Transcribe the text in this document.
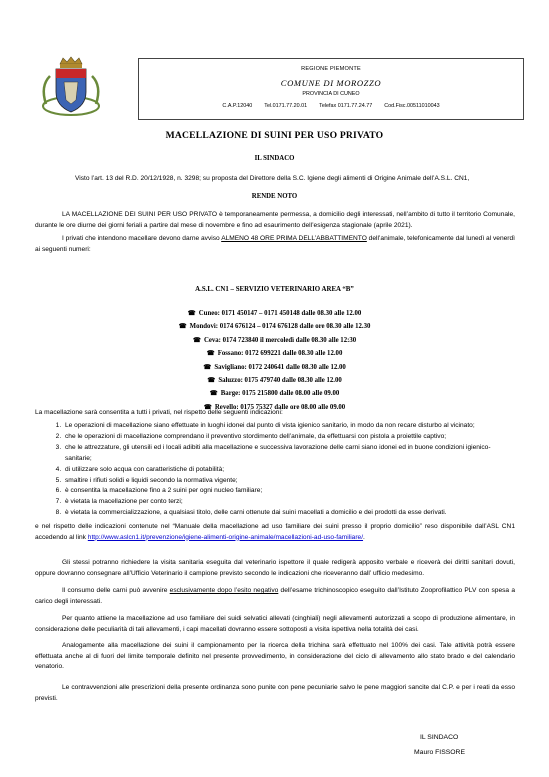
REGIONE PIEMONTE
COMUNE DI MOROZZO
PROVINCIA DI CUNEO
C.A.P.12040 Tel.0171.77.20.01 Telefax 0171.77.24.77 Cod.Fisc.00511010043
MACELLAZIONE DI SUINI PER USO PRIVATO
IL SINDACO
Visto l’art. 13 del R.D. 20/12/1928, n. 3298; su proposta del Direttore della S.C. Igiene degli alimenti di Origine Animale dell’A.S.L. CN1,
RENDE NOTO
LA MACELLAZIONE DEI SUINI PER USO PRIVATO è temporaneamente permessa, a domicilio degli interessati, nell’ambito di tutto il territorio Comunale, durante le ore diurne dei giorni feriali a partire dal mese di novembre e fino ad esaurimento dell’esigenza stagionale (aprile 2021).
I privati che intendono macellare devono darne avviso ALMENO 48 ORE PRIMA DELL’ABBATTIMENTO dell’animale, telefonicamente dal lunedì al venerdì ai seguenti numeri:
A.S.L. CN1 – SERVIZIO VETERINARIO AREA “B”
☎ Cuneo: 0171 450147 – 0171 450148 dalle 08.30 alle 12.00
☎ Mondovì: 0174 676124 – 0174 676128 dalle ore 08.30 alle 12.30
☎ Ceva: 0174 723840 il mercoledì dalle 08.30 alle 12:30
☎ Fossano: 0172 699221 dalle 08.30 alle 12.00
☎ Savigliano: 0172 240641 dalle 08.30 alle 12.00
☎ Saluzzo: 0175 479740 dalle 08.30 alle 12.00
☎ Barge: 0175 215800 dalle 08.00 alle 09.00
☎ Revello: 0175 75327 dalle ore 08.00 alle 09.00
La macellazione sarà consentita a tutti i privati, nel rispetto delle seguenti indicazioni:
1. Le operazioni di macellazione siano effettuate in luoghi idonei dal punto di vista igienico sanitario, in modo da non recare disturbo al vicinato;
2. che le operazioni di macellazione comprendano il preventivo stordimento dell’animale, da effettuarsi con pistola a proiettile captivo;
3. che le attrezzature, gli utensili ed i locali adibiti alla macellazione e successiva lavorazione delle carni siano idonei ed in buone condizioni igienico-sanitarie;
4. di utilizzare solo acqua con caratteristiche di potabilità;
5. smaltire i rifiuti solidi e liquidi secondo la normativa vigente;
6. è consentita la macellazione fino a 2 suini per ogni nucleo familiare;
7. è vietata la macellazione per conto terzi;
8. è vietata la commercializzazione, a qualsiasi titolo, delle carni ottenute dai suini macellati a domicilio e dei prodotti da esse derivati.
e nel rispetto delle indicazioni contenute nel “Manuale della macellazione ad uso familiare dei suini presso il proprio domicilio” reso disponibile dall’ASL CN1 accedendo al link http://www.aslcn1.it/prevenzione/igiene-alimenti-origine-animale/macellazioni-ad-uso-familiare/.
Gli stessi potranno richiedere la visita sanitaria eseguita dal veterinario ispettore il quale redigerà apposito verbale e riceverà dei diritti sanitari dovuti, oppure dovranno consegnare all’Ufficio Veterinario il campione previsto secondo le indicazioni che riceveranno dall’ ufficio medesimo.
Il consumo delle carni può avvenire esclusivamente dopo l’esito negativo dell’esame trichinoscopico eseguito dall’Istituto Zooprofilattico PLV con spesa a carico degli interessati.
Per quanto attiene la macellazione ad uso familiare dei suidi selvatici allevati (cinghiali) negli allevamenti autorizzati a scopo di produzione alimentare, in considerazione delle peculiarità di tali allevamenti, i capi macellati dovranno essere sottoposti a visita ispettiva nella totalità dei casi.
Analogamente alla macellazione dei suini il campionamento per la ricerca della trichina sarà effettuato nel 100% dei casi. Tale attività potrà essere effettuata anche al di fuori del limite temporale definito nel presente provvedimento, in considerazione del ciclo di allevamento allo stato brado e del calendario venatorio.
Le contravvenzioni alle prescrizioni della presente ordinanza sono punite con pene pecuniarie salvo le pene maggiori sancite dal C.P. e per i reati da esso previsti.
IL SINDACO
Mauro FISSORE
